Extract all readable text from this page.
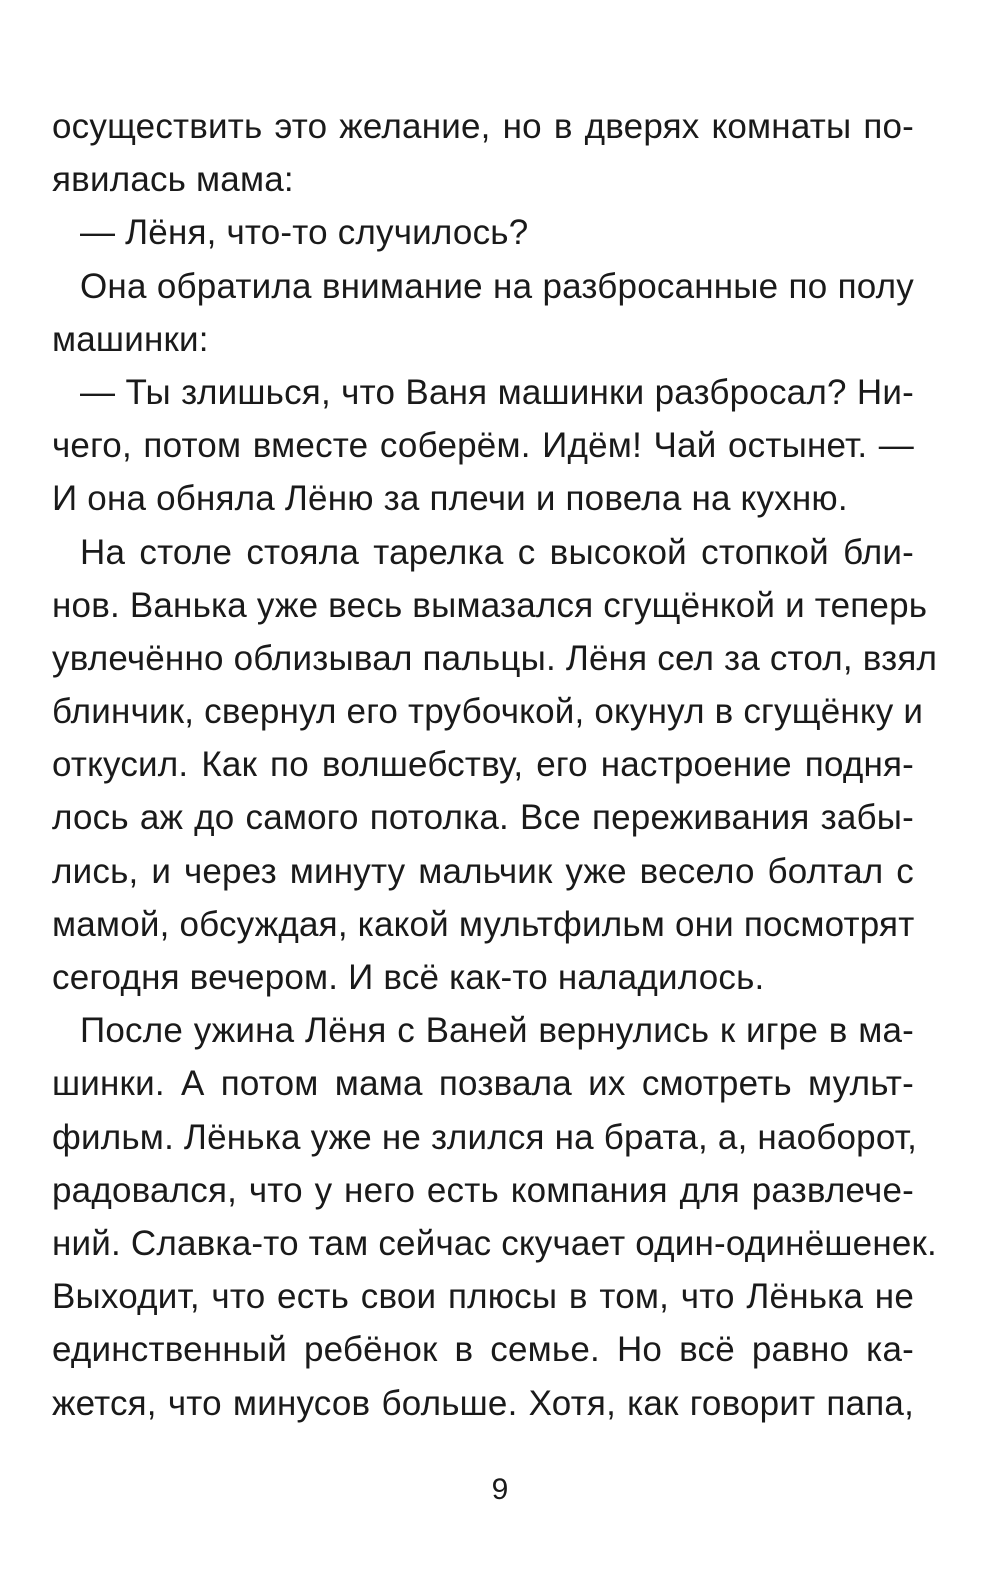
осуществить это желание, но в дверях комнаты по-
явилась мама:
— Лёня, что-то случилось?
Она обратила внимание на разбросанные по полу
машинки:
— Ты злишься, что Ваня машинки разбросал? Ни-
чего, потом вместе соберём. Идём! Чай остынет. —
И она обняла Лёню за плечи и повела на кухню.
На столе стояла тарелка с высокой стопкой бли-
нов. Ванька уже весь вымазался сгущёнкой и теперь
увлечённо облизывал пальцы. Лёня сел за стол, взял
блинчик, свернул его трубочкой, окунул в сгущёнку и
откусил. Как по волшебству, его настроение подня-
лось аж до самого потолка. Все переживания забы-
лись, и через минуту мальчик уже весело болтал с
мамой, обсуждая, какой мультфильм они посмотрят
сегодня вечером. И всё как-то наладилось.
После ужина Лёня с Ваней вернулись к игре в ма-
шинки. А потом мама позвала их смотреть мульт-
фильм. Лёнька уже не злился на брата, а, наоборот,
радовался, что у него есть компания для развлече-
ний. Славка-то там сейчас скучает один-одинёшенек.
Выходит, что есть свои плюсы в том, что Лёнька не
единственный ребёнок в семье. Но всё равно ка-
жется, что минусов больше. Хотя, как говорит папа,
9
